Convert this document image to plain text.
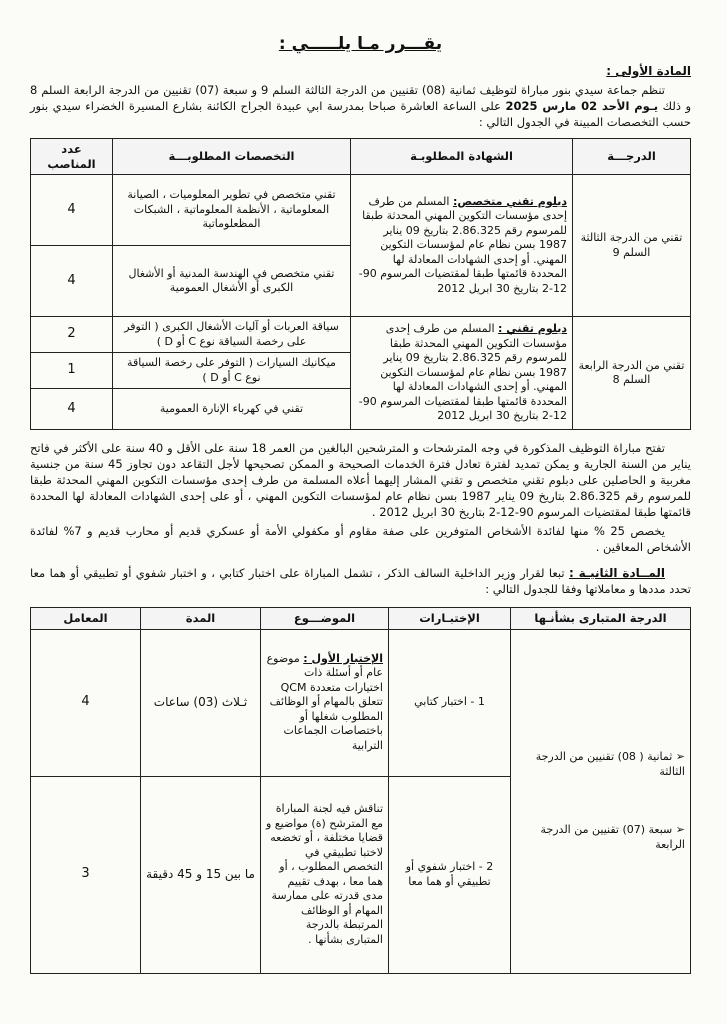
يقـــرر مـا يلـــــي :
المادة الأولى :

تنظم جماعة سيدي بنور مباراة لتوظيف ثمانية (08) تقنيين من الدرجة الثالثة السلم 9 و سبعة (07) تقنيين من الدرجة الرابعة السلم 8 و ذلك يـوم الأحد 02 مارس 2025 على الساعة العاشرة صباحا بمدرسة ابي عبيدة الجراح الكائنة بشارع المسيرة الخضراء سيدي بنور حسب التخصصات المبينة في الجدول التالي :

الدرجـــة	الشهادة المطلوبـة	التخصصات المطلوبـــة	عدد المناصب
تقني من الدرجة الثالثة السلم 9	ديلوم تقني متخصص: المسلم من طرف إحدى مؤسسات التكوين المهني المحدثة طبقا للمرسوم رقم 2.86.325 بتاريخ 09 يناير 1987 بسن نظام عام لمؤسسات التكوين المهني. أو إحدى الشهادات المعادلة لها المحددة قائمتها طبقا لمقتضيات المرسوم 90-12-2 بتاريخ 30 ابريل 2012	تقني متخصص في تطوير المعلوميات ، الصيانة المعلوماتية ، الأنظمة المعلوماتية ، الشبكات المظعلوماتية	4
		تقني متخصص في الهندسة المدنية أو الأشغال الكبرى أو الأشغال العمومية	4
تقني من الدرجة الرابعة السلم 8	ديلوم تقني : المسلم من طرف إحدى مؤسسات التكوين المهني المحدثة طبقا للمرسوم رقم 2.86.325 بتاريخ 09 يناير 1987 بسن نظام عام لمؤسسات التكوين المهني. أو إحدى الشهادات المعادلة لها المحددة قائمتها طبقا لمقتضيات المرسوم 90-12-2 بتاريخ 30 ابريل 2012	سياقة العربات أو آليات الأشغال الكبرى ( التوفر على رخصة السياقة نوع C أو D )	2
		ميكانيك السيارات ( التوفر على رخصة السياقة نوع C أو D )	1
		تقني في كهرباء الإنارة العمومية	4

تفتح مباراة التوظيف المذكورة في وجه المترشحات و المترشحين البالغين من العمر 18 سنة على الأقل و 40 سنة على الأكثر في فاتح يناير من السنة الجارية و يمكن تمديد لفترة تعادل فترة الخدمات الصحيحة و الممكن تصحيحها لأجل التقاعد دون تجاوز 45 سنة من جنسية مغربية و الحاصلين على دبلوم تقني متخصص و تقني المشار إليهما أعلاه المسلمة من طرف إحدى مؤسسات التكوين المهني المحدثة طبقا للمرسوم رقم 2.86.325 بتاريخ 09 يناير 1987 بسن نظام عام لمؤسسات التكوين المهني ، أو على إحدى الشهادات المعادلة لها المحددة قائمتها طبقا لمقتضيات المرسوم 90-12-2 بتاريخ 30 ابريل 2012 .

يخصص 25 % منها لفائدة الأشخاص المتوفرين على صفة مقاوم أو مكفولي الأمة أو عسكري قديم أو محارب قديم و 7% لفائدة الأشخاص المعاقين .

المــادة الثانيـة : تبعا لقرار وزير الداخلية السالف الذكر ، تشمل المباراة على اختبار كتابي ، و اختبار شفوي أو تطبيقي أو هما معا تحدد مددها و معاملاتها وفقا للجدول التالي :

الدرجة المتبارى بشأنـها	الإختبـارات	الموضـــوع	المدة	المعامل

➢ ثمانية ( 08) تقنيين من الدرجة الثالثة
➢ سبعة (07) تقنيين من الدرجة الرابعة	1 - اختبار كتابي	الإختبار الأول : موضوع عام أو أسئلة ذات اختيارات متعددة QCM تتعلق بالمهام أو الوظائف المطلوب شغلها أو باختصاصات الجماعات الترابية	ثـلاث (03) ساعات	4
	2 - اختبار شفوي أو تطبيقي أو هما معا	تناقش فيه لجنة المباراة مع المترشح (ة) مواضيع و قضايا مختلفة ، أو تخضعه لاختبا تطبيقي في التخصص المطلوب ، أو هما معا ، بهدف تقييم مدى قدرته على ممارسة المهام أو الوظائف المرتبطة بالدرجة المتبارى بشأنها .	ما بين 15 و 45 دقيقة	3
